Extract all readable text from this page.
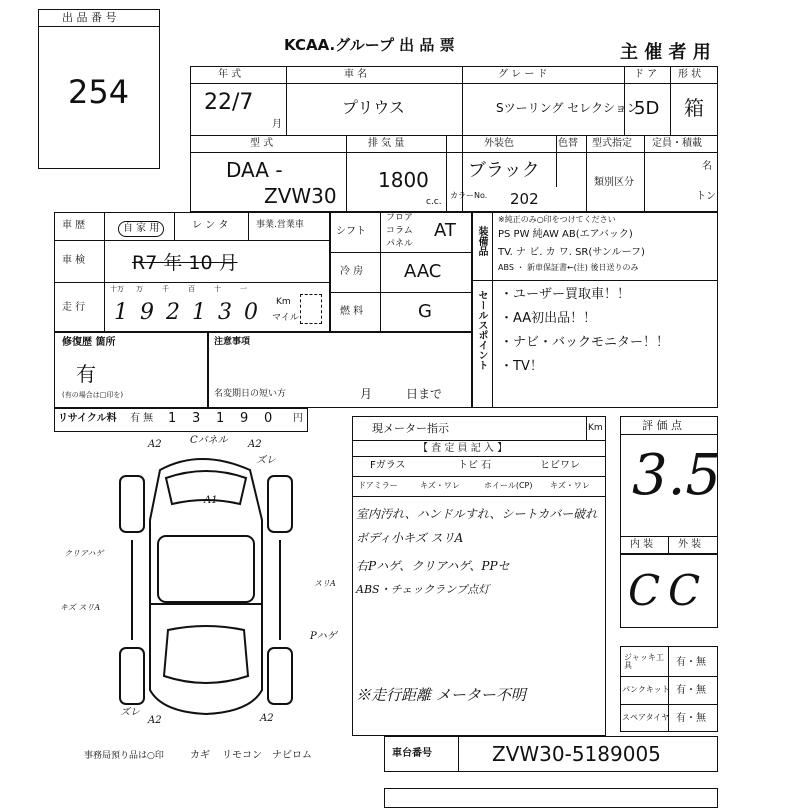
出 品 番 号
254
KCAA.グループ 出 品 票	主 催 者 用
年 式
22/7
月
車 名
プリウス
グ レ ー ド
Sツーリング セレクション
ド ア
5D
形 状
箱
型 式
DAA -
ZVW30
排 気 量
1800
c.c.
外装色	色替
ブラック
カラーNo. 202
型式指定
類別区分
定員・積載
名
トン
車 歴	自 家 用	レ ン タ	事業.営業車
車 検 R7 年 10 月
走 行
十万
1
万
9
千
2
百
1
十
3
一
0 Km
マイル
シフト
フロア
コラム
パネル
AT
冷 房 AAC
燃 料	G
装備品
※純正のみ○印をつけてください
PS PW 純AW AB(エアバック)
TV. ナ ビ. カ ワ. SR(サンルーフ)
ABS ・ 新車保証書←(注) 後日送りのみ
セールスポイント ・ユーザー買取車！！
・AA初出品！！
・ナビ・バックモニター！！
・TV！
修復歴 箇所
有
(有の場合は□印を)
注意事項
名変期日の短い方	月	日まで
リサイクル料 有 無 1 3 1 9 0 円
現メーター指示	Km
【 査 定 員 記 入 】
Fガラス	トビ 石	ヒビワレ
ドアミラー	キズ・ワレ	ホイール(CP) キズ・ワレ
室内汚れ、ハンドルすれ、シートカバー破れ
ボディ小キズ スリA
右Pハゲ、クリアハゲ、PPセ
ABS・チェックランプ点灯
※走行距離 メーター不明
評 価 点
3.5
内 装 外 装
C C
ジャッキ工具	有・無
パンクキット 有・無
スペアタイヤ 有・無
A2	Cパネル A2
ズレ
A1
クリアハゲ
スリA
Pハゲ
キズ スリA
ズレ
A2	A2
事務局預り品は○印	カギ リモコン ナビロム	車台番号	ZVW30-5189005
